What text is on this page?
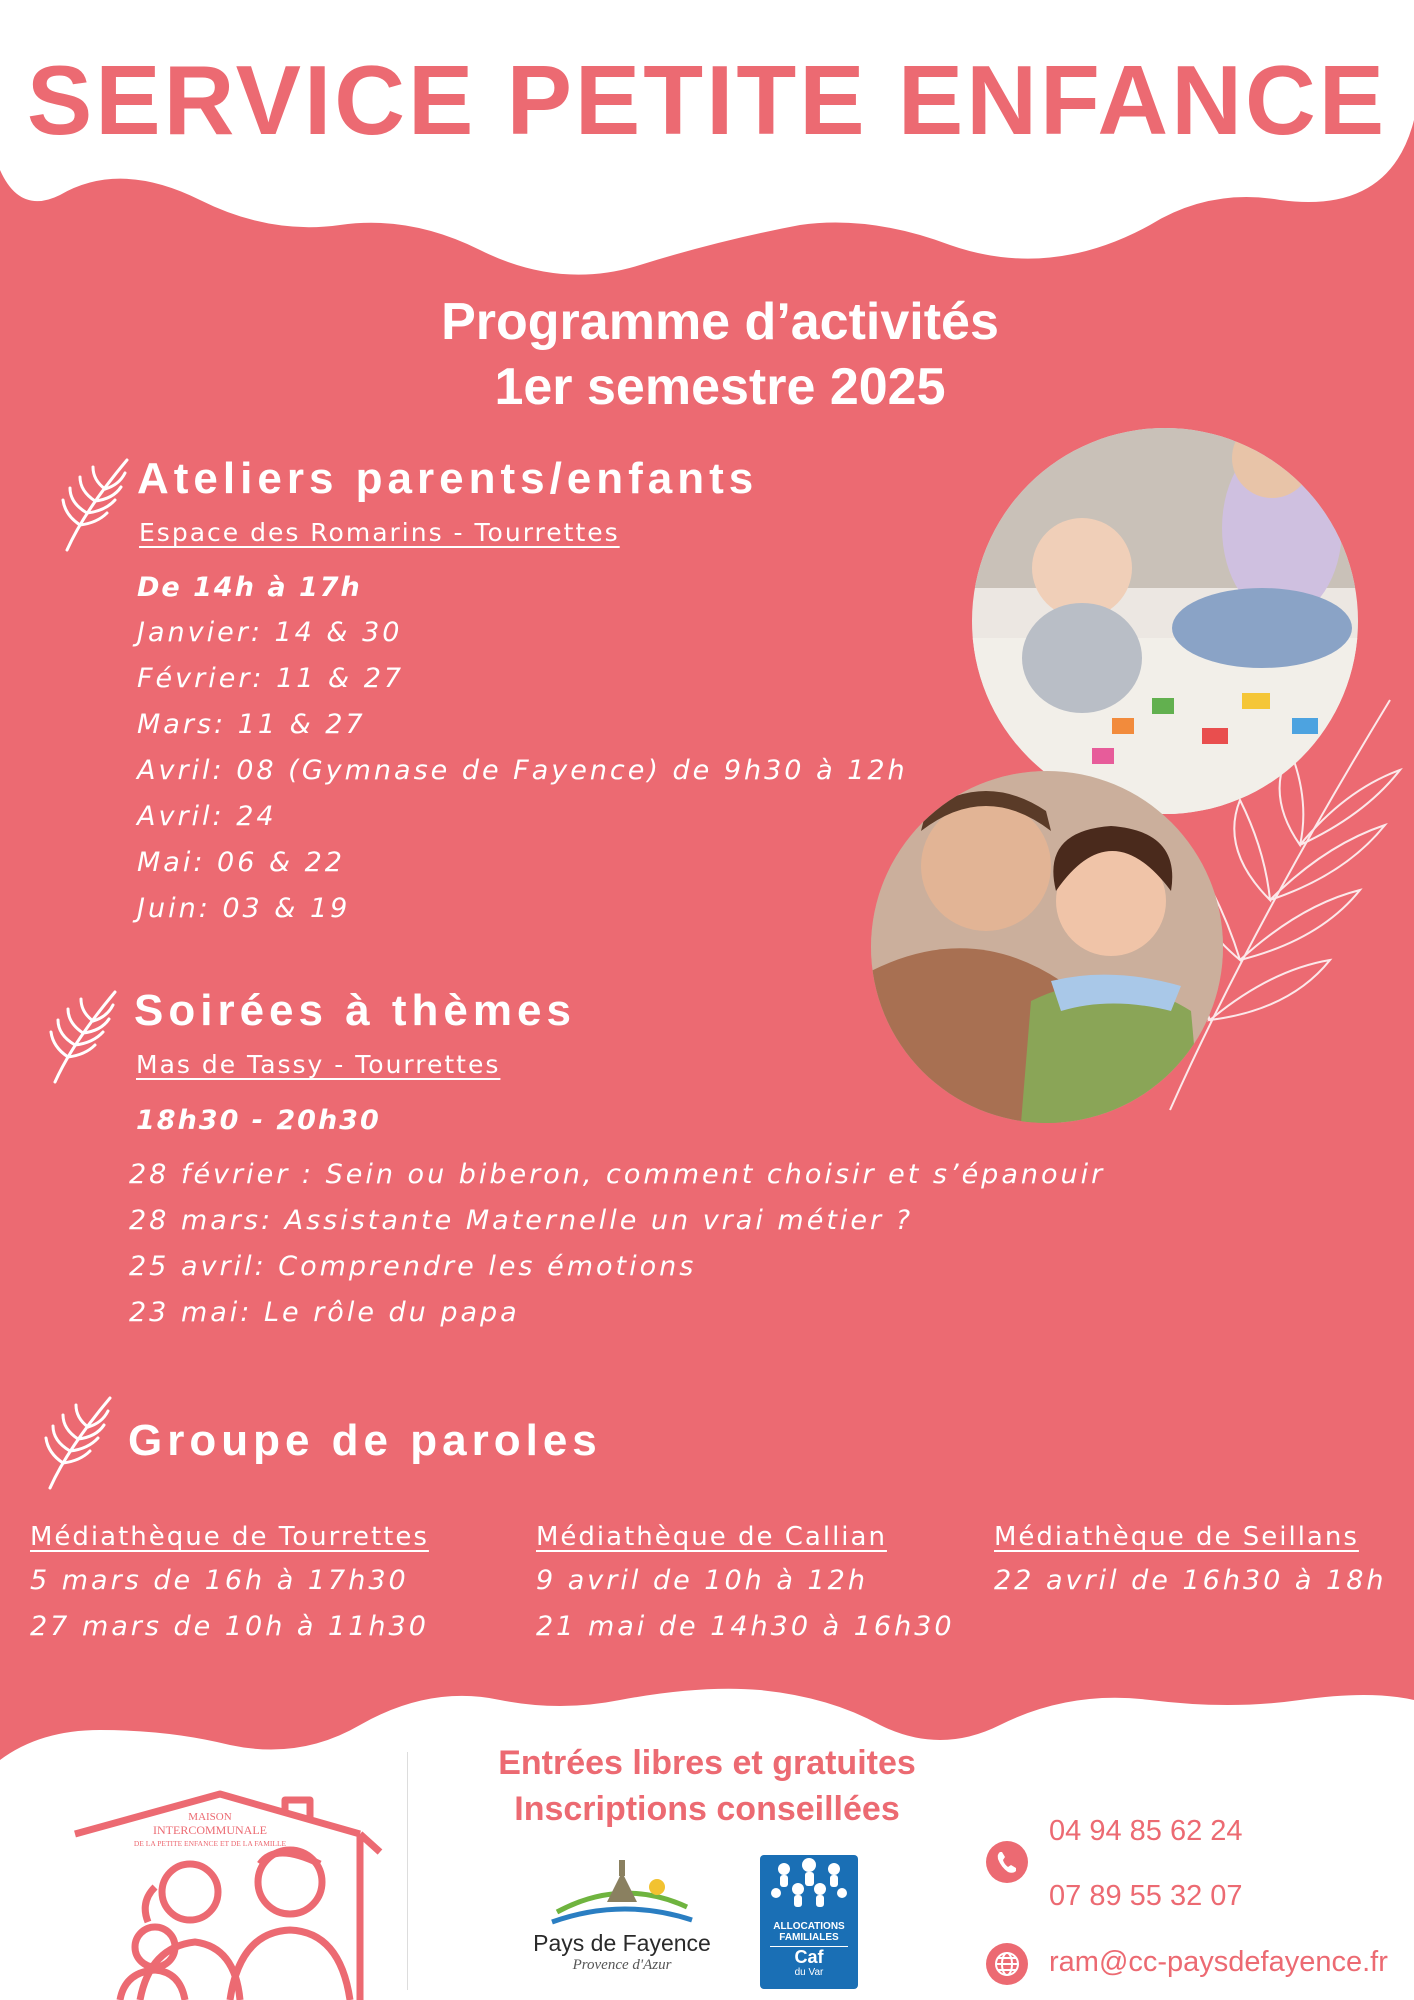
SERVICE PETITE ENFANCE
Programme d’activités
1er semestre 2025
Ateliers parents/enfants
Espace des Romarins - Tourrettes
De 14h à 17h
Janvier: 14 & 30
Février: 11 & 27
Mars: 11 & 27
Avril: 08 (Gymnase de Fayence) de 9h30 à 12h
Avril: 24
Mai: 06 & 22
Juin: 03 & 19
Soirées à thèmes
Mas de Tassy - Tourrettes
18h30 - 20h30
28 février : Sein ou biberon, comment choisir et s’épanouir
28 mars: Assistante Maternelle un vrai métier ?
25 avril: Comprendre les émotions
23 mai: Le rôle du papa
Groupe de paroles
Médiathèque de Tourrettes
5 mars de 16h à 17h30
27 mars de 10h à 11h30
Médiathèque de Callian
9 avril de 10h à 12h
21 mai de 14h30 à 16h30
Médiathèque de Seillans
22 avril de 16h30 à 18h
MAISON
INTERCOMMUNALE
DE LA PETITE ENFANCE ET DE LA FAMILLE
Entrées libres et gratuites
Inscriptions conseillées
Pays de Fayence
Provence d'Azur
ALLOCATIONS
FAMILIALES
Caf
du Var
04 94 85 62 24
07 89 55 32 07
ram@cc-paysdefayence.fr
